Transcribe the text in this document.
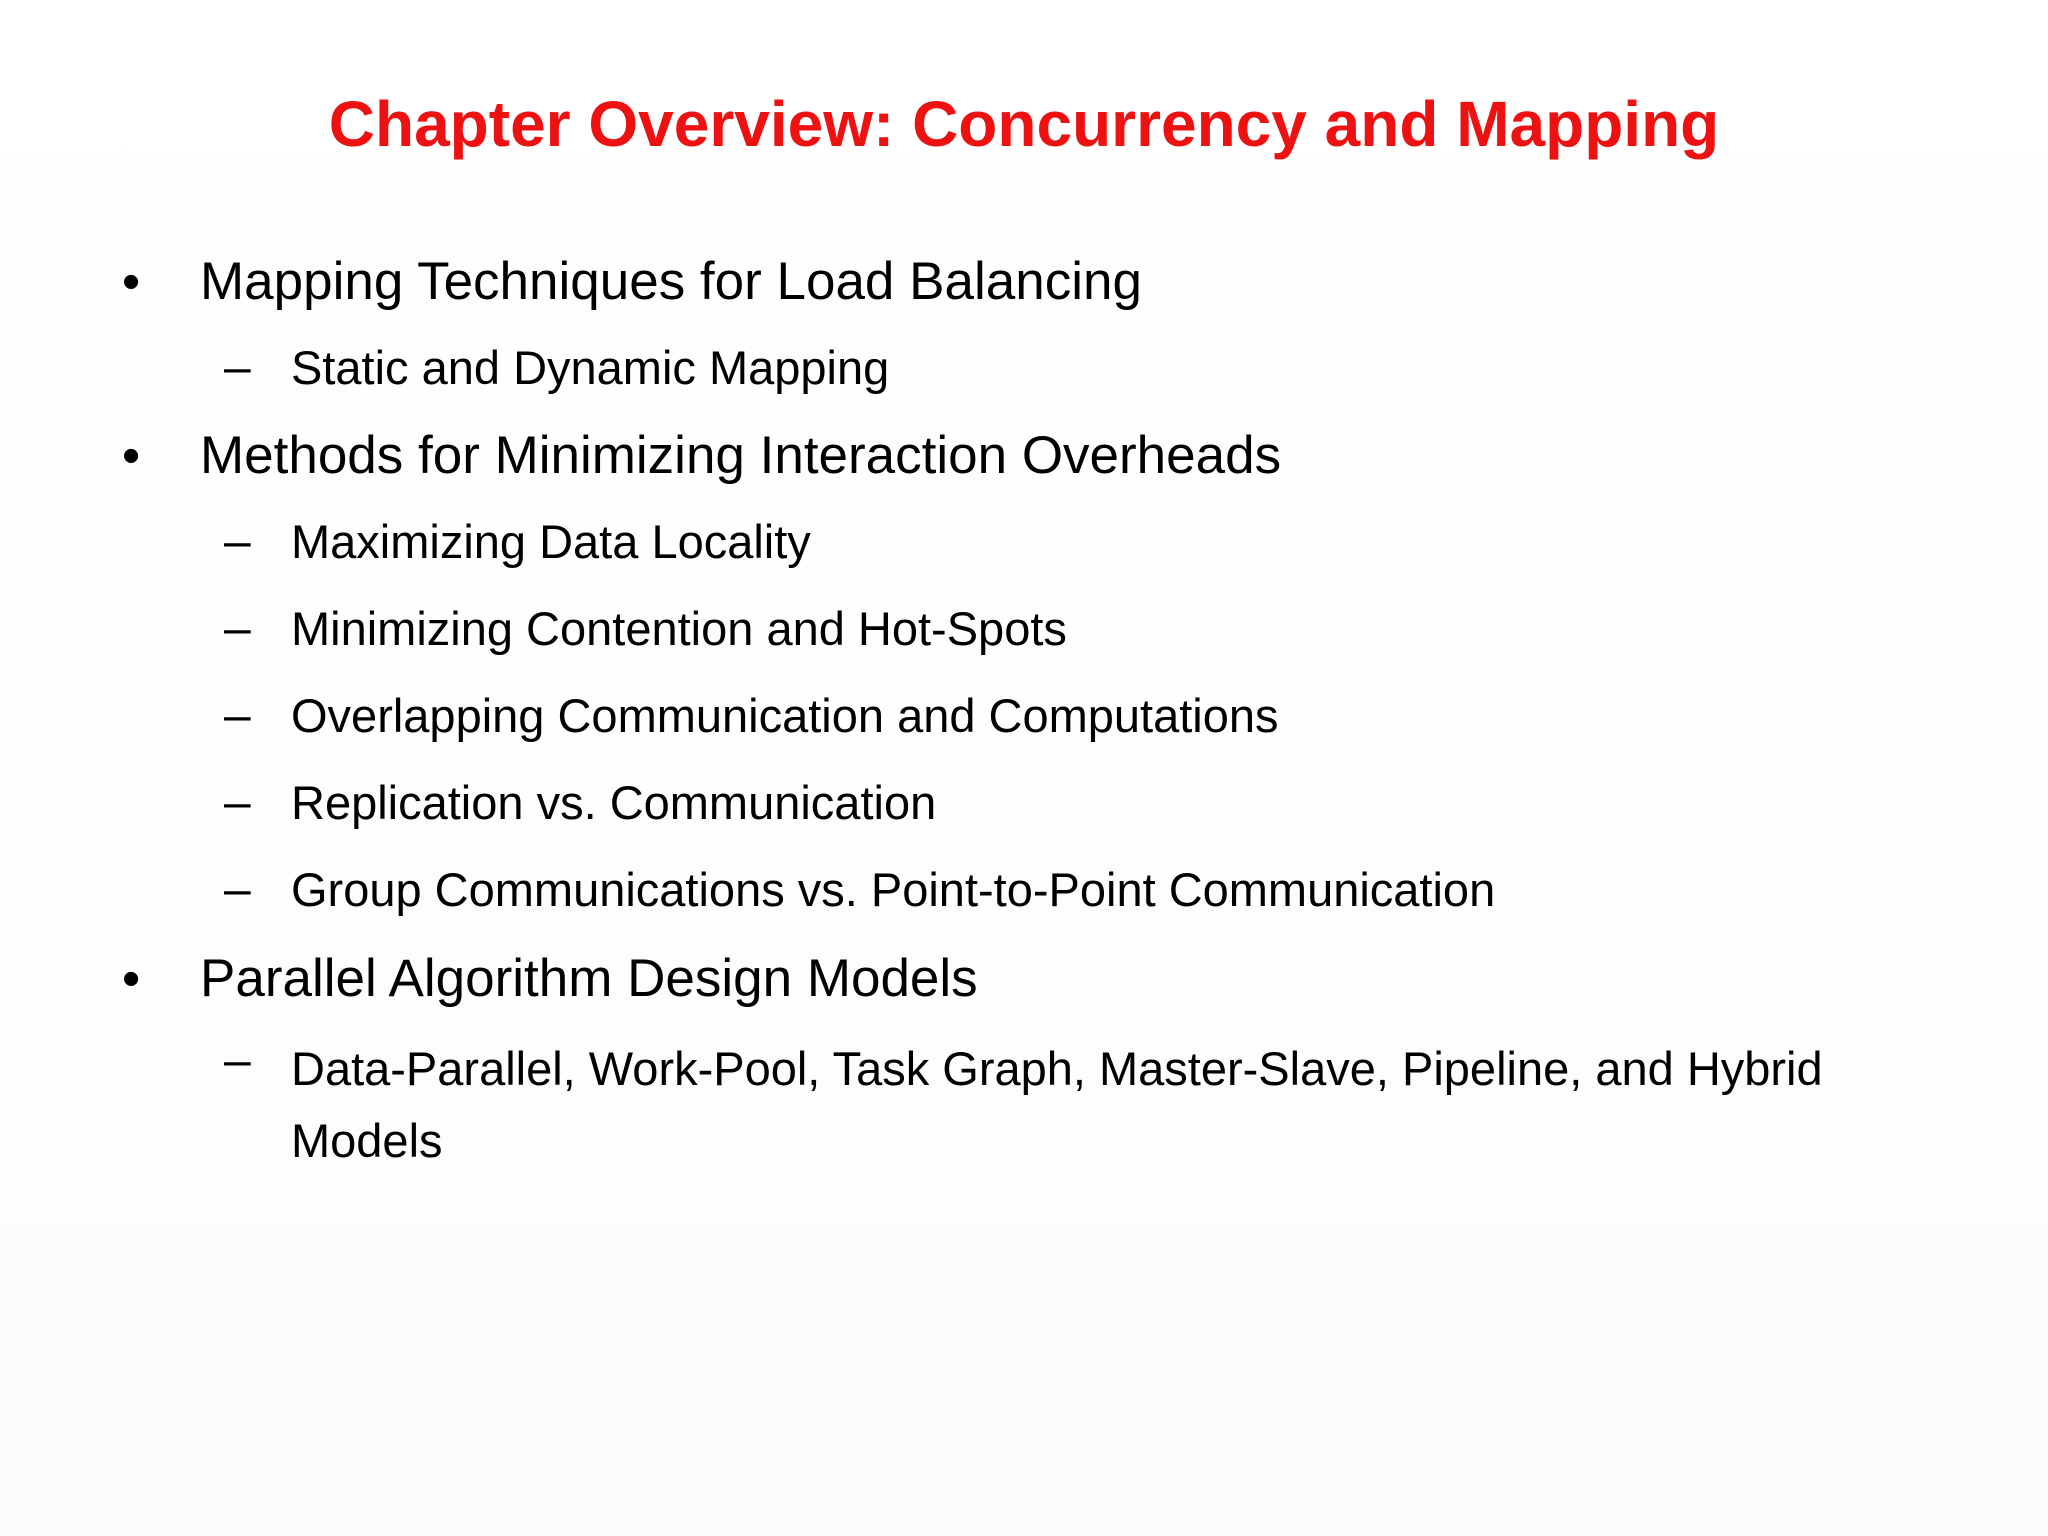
Chapter Overview: Concurrency and Mapping
• Mapping Techniques for Load Balancing
– Static and Dynamic Mapping
• Methods for Minimizing Interaction Overheads
– Maximizing Data Locality
– Minimizing Contention and Hot-Spots
– Overlapping Communication and Computations
– Replication vs. Communication
– Group Communications vs. Point-to-Point Communication
• Parallel Algorithm Design Models
– Data-Parallel, Work-Pool, Task Graph, Master-Slave, Pipeline, and Hybrid Models
